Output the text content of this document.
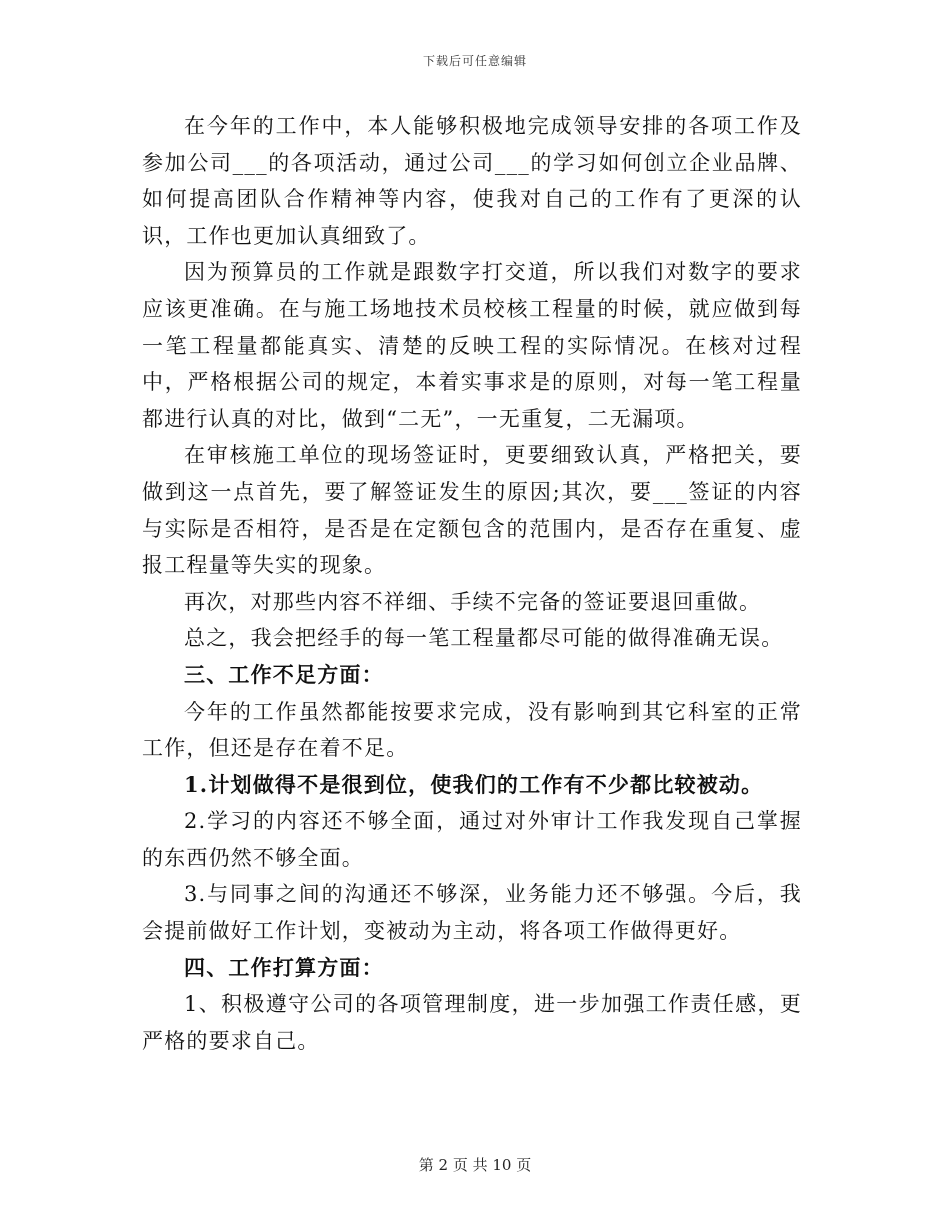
下载后可任意编辑

在今年的工作中，本人能够积极地完成领导安排的各项工作及参加公司___的各项活动，通过公司___的学习如何创立企业品牌、如何提高团队合作精神等内容，使我对自己的工作有了更深的认识，工作也更加认真细致了。

因为预算员的工作就是跟数字打交道，所以我们对数字的要求应该更准确。在与施工场地技术员校核工程量的时候，就应做到每一笔工程量都能真实、清楚的反映工程的实际情况。在核对过程中，严格根据公司的规定，本着实事求是的原则，对每一笔工程量都进行认真的对比，做到“二无”，一无重复，二无漏项。

在审核施工单位的现场签证时，更要细致认真，严格把关，要做到这一点首先，要了解签证发生的原因;其次，要___签证的内容与实际是否相符，是否是在定额包含的范围内，是否存在重复、虚报工程量等失实的现象。

再次，对那些内容不祥细、手续不完备的签证要退回重做。

总之，我会把经手的每一笔工程量都尽可能的做得准确无误。

三、工作不足方面：

今年的工作虽然都能按要求完成，没有影响到其它科室的正常工作，但还是存在着不足。

1.计划做得不是很到位，使我们的工作有不少都比较被动。

2.学习的内容还不够全面，通过对外审计工作我发现自己掌握的东西仍然不够全面。

3.与同事之间的沟通还不够深，业务能力还不够强。今后，我会提前做好工作计划，变被动为主动，将各项工作做得更好。

四、工作打算方面：

1、积极遵守公司的各项管理制度，进一步加强工作责任感，更严格的要求自己。

第 2 页 共 10 页
